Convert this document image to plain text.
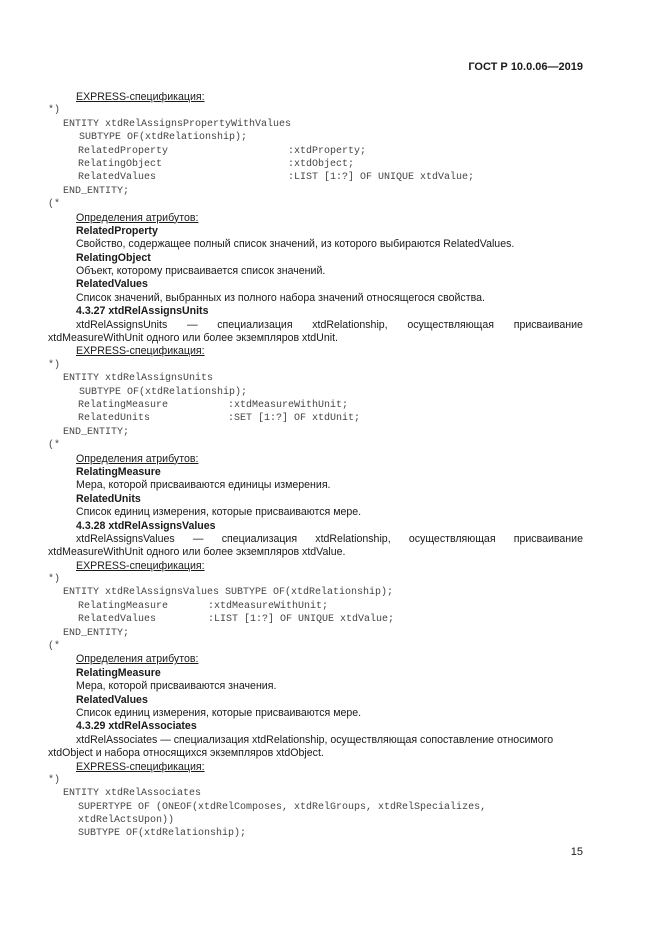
ГОСТ Р 10.0.06—2019
EXPRESS-спецификация:
*)
ENTITY xtdRelAssignsPropertyWithValues
SUBTYPE OF(xtdRelationship);
RelatedProperty	:xtdProperty;
RelatingObject	:xtdObject;
RelatedValues	:LIST [1:?] OF UNIQUE xtdValue;
END_ENTITY;
(*
Определения атрибутов:
RelatedProperty
Свойство, содержащее полный список значений, из которого выбираются RelatedValues.
RelatingObject
Объект, которому присваивается список значений.
RelatedValues
Список значений, выбранных из полного набора значений относящегося свойства.
4.3.27 xtdRelAssignsUnits
xtdRelAssignsUnits — специализация xtdRelationship, осуществляющая присваивание
xtdMeasureWithUnit одного или более экземпляров xtdUnit.
EXPRESS-спецификация:
*)
ENTITY xtdRelAssignsUnits
SUBTYPE OF(xtdRelationship);
RelatingMeasure	:xtdMeasureWithUnit;
RelatedUnits	:SET [1:?] OF xtdUnit;
END_ENTITY;
(*
Определения атрибутов:
RelatingMeasure
Мера, которой присваиваются единицы измерения.
RelatedUnits
Список единиц измерения, которые присваиваются мере.
4.3.28 xtdRelAssignsValues
xtdRelAssignsValues — специализация xtdRelationship, осуществляющая присваивание
xtdMeasureWithUnit одного или более экземпляров xtdValue.
EXPRESS-спецификация:
*)
ENTITY xtdRelAssignsValues SUBTYPE OF(xtdRelationship);
RelatingMeasure	:xtdMeasureWithUnit;
RelatedValues	:LIST [1:?] OF UNIQUE xtdValue;
END_ENTITY;
(*
Определения атрибутов:
RelatingMeasure
Мера, которой присваиваются значения.
RelatedValues
Список единиц измерения, которые присваиваются мере.
4.3.29 xtdRelAssociates
xtdRelAssociates — специализация xtdRelationship, осуществляющая сопоставление относимого
xtdObject и набора относящихся экземпляров xtdObject.
EXPRESS-спецификация:
*)
ENTITY xtdRelAssociates
SUPERTYPE OF (ONEOF(xtdRelComposes, xtdRelGroups, xtdRelSpecializes,
xtdRelActsUpon))
SUBTYPE OF(xtdRelationship);
15
